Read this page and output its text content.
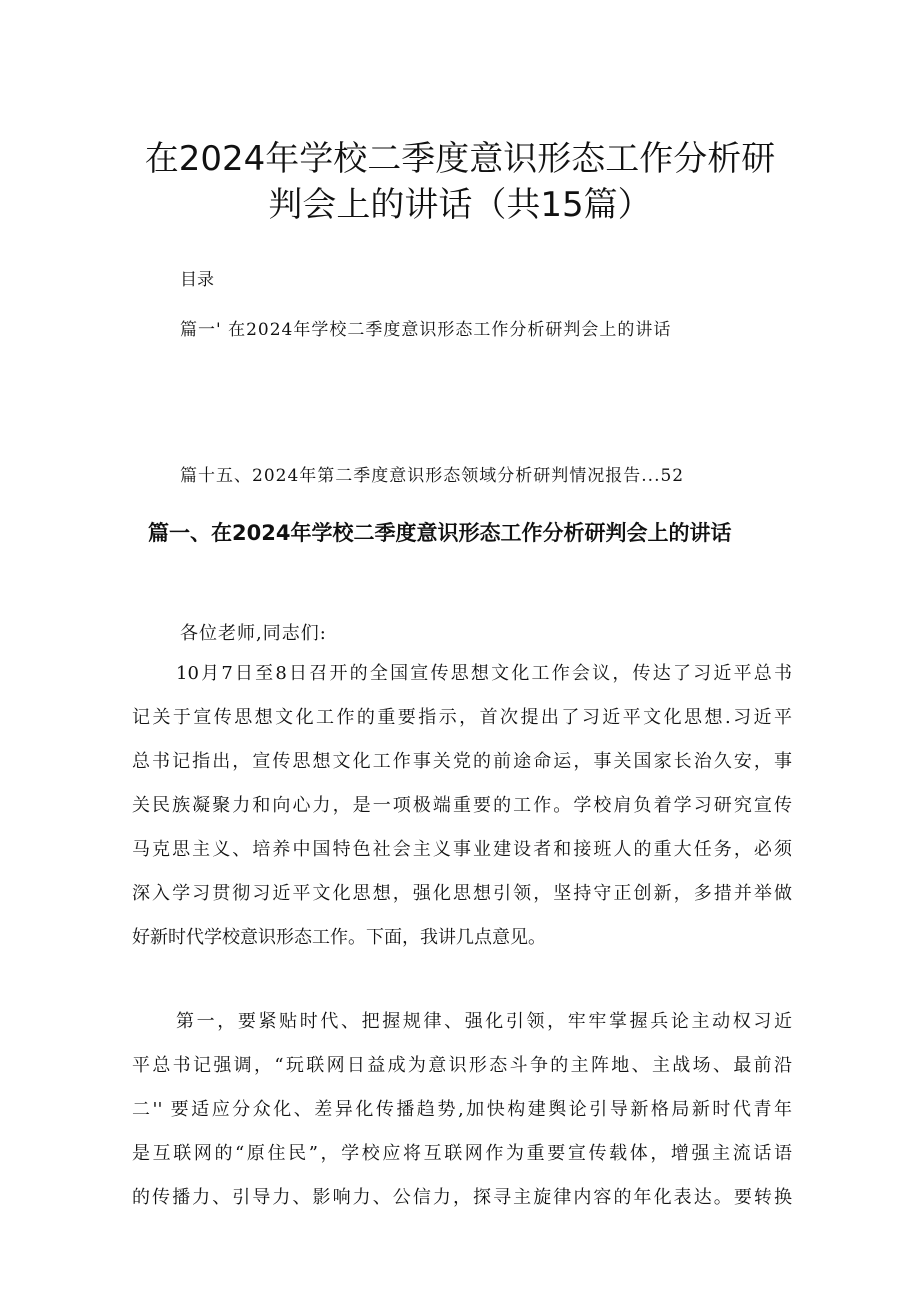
在2024年学校二季度意识形态工作分析研
判会上的讲话（共15篇）

目录

篇一' 在2024年学校二季度意识形态工作分析研判会上的讲话

篇十五、2024年第二季度意识形态领域分析研判情况报告...52

篇一、在2024年学校二季度意识形态工作分析研判会上的讲话

各位老师,同志们:

10月7日至8日召开的全国宣传思想文化工作会议，传达了习近平总书
记关于宣传思想文化工作的重要指示，首次提出了习近平文化思想.习近平
总书记指出，宣传思想文化工作事关党的前途命运，事关国家长治久安，事
关民族凝聚力和向心力，是一项极端重要的工作。学校肩负着学习研究宣传
马克思主义、培养中国特色社会主义事业建设者和接班人的重大任务，必须
深入学习贯彻习近平文化思想，强化思想引领，坚持守正创新，多措并举做
好新时代学校意识形态工作。下面，我讲几点意见。
第一，要紧贴时代、把握规律、强化引领，牢牢掌握兵论主动权习近
平总书记强调，“玩联网日益成为意识形态斗争的主阵地、主战场、最前沿
二'' 要适应分众化、差异化传播趋势,加快构建舆论引导新格局新时代青年
是互联网的“原住民”，学校应将互联网作为重要宣传载体，增强主流话语
的传播力、引导力、影响力、公信力，探寻主旋律内容的年化表达。要转换
